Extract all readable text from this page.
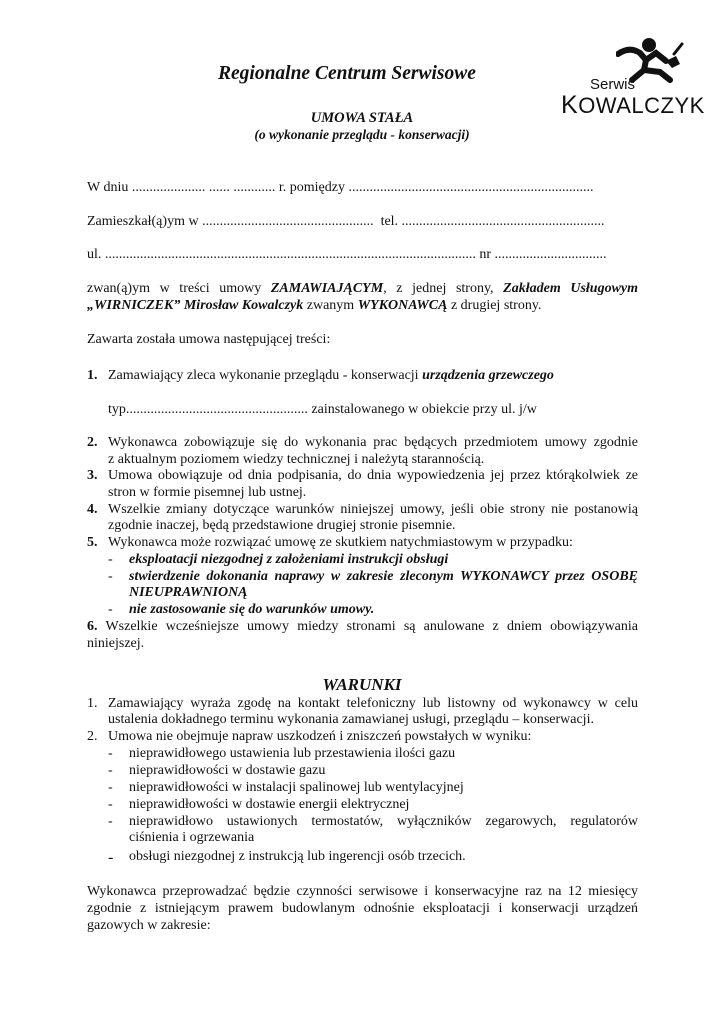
Regionalne Centrum Serwisowe
Serwis
KOWALCZYK
UMOWA STAŁA
(o wykonanie przeglądu - konserwacji)
W dniu ..................... ...... ............ r. pomiędzy ......................................................................
Zamieszkał(ą)ym w ................................................. tel. ..........................................................
ul. .......................................................................................................... nr ................................
zwan(ą)ym w treści umowy ZAMAWIAJĄCYM, z jednej strony, Zakładem Usługowym
„WIRNICZEK” Mirosław Kowalczyk zwanym WYKONAWCĄ z drugiej strony.
Zawarta została umowa następującej treści:
1. Zamawiający zleca wykonanie przeglądu - konserwacji urządzenia grzewczego
typ.................................................... zainstalowanego w obiekcie przy ul. j/w
2. Wykonawca zobowiązuje się do wykonania prac będących przedmiotem umowy zgodnie
z aktualnym poziomem wiedzy technicznej i należytą starannością.
3. Umowa obowiązuje od dnia podpisania, do dnia wypowiedzenia jej przez którąkolwiek ze
stron w formie pisemnej lub ustnej.
4. Wszelkie zmiany dotyczące warunków niniejszej umowy, jeśli obie strony nie postanowią
zgodnie inaczej, będą przedstawione drugiej stronie pisemnie.
5. Wykonawca może rozwiązać umowę ze skutkiem natychmiastowym w przypadku:
- eksploatacji niezgodnej z założeniami instrukcji obsługi
- stwierdzenie dokonania naprawy w zakresie zleconym WYKONAWCY przez OSOBĘ
NIEUPRAWNIONĄ
- nie zastosowanie się do warunków umowy.
6. Wszelkie wcześniejsze umowy miedzy stronami są anulowane z dniem obowiązywania
niniejszej.
WARUNKI
1. Zamawiający wyraża zgodę na kontakt telefoniczny lub listowny od wykonawcy w celu
ustalenia dokładnego terminu wykonania zamawianej usługi, przeglądu – konserwacji.
2. Umowa nie obejmuje napraw uszkodzeń i zniszczeń powstałych w wyniku:
- nieprawidłowego ustawienia lub przestawienia ilości gazu
- nieprawidłowości w dostawie gazu
- nieprawidłowości w instalacji spalinowej lub wentylacyjnej
- nieprawidłowości w dostawie energii elektrycznej
- nieprawidłowo ustawionych termostatów, wyłączników zegarowych, regulatorów
ciśnienia i ogrzewania
- obsługi niezgodnej z instrukcją lub ingerencji osób trzecich.
Wykonawca przeprowadzać będzie czynności serwisowe i konserwacyjne raz na 12 miesięcy
zgodnie z istniejącym prawem budowlanym odnośnie eksploatacji i konserwacji urządzeń
gazowych w zakresie:
